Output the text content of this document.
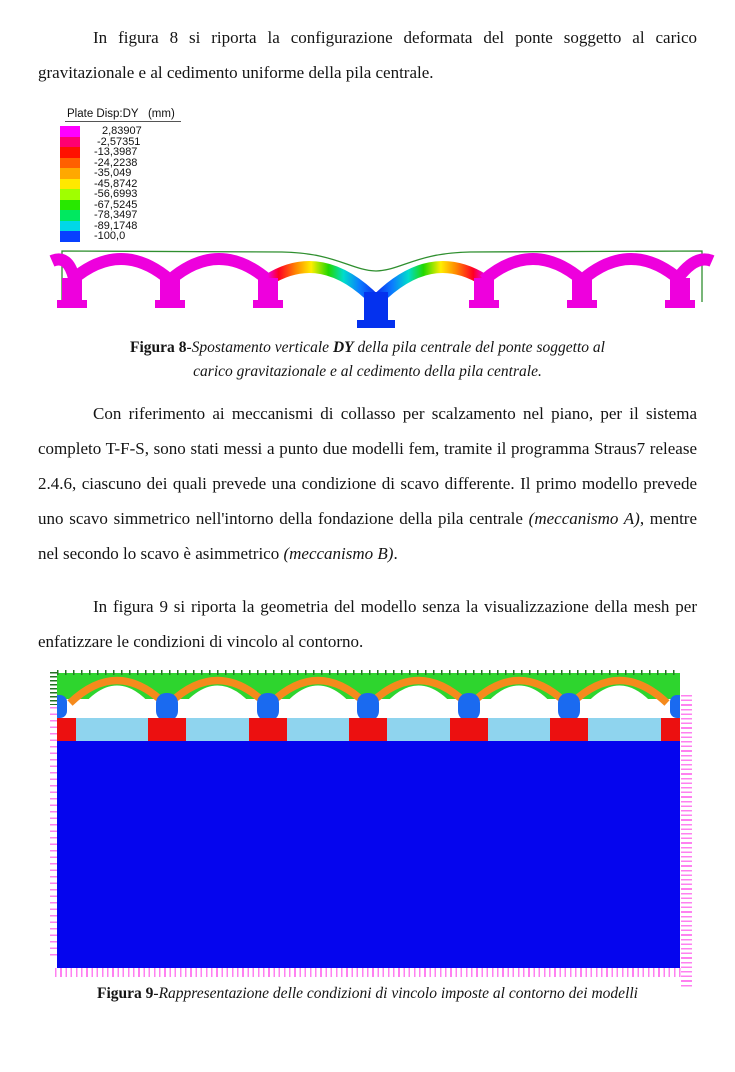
In figura 8 si riporta la configurazione deformata del ponte soggetto al carico gravitazionale e al cedimento uniforme della pila centrale.

Plate Disp:DY   (mm)
2,83907
-2,57351
-13,3987
-24,2238
-35,049
-45,8742
-56,6993
-67,5245
-78,3497
-89,1748
-100,0

Figura 8-Spostamento verticale DY della pila centrale del ponte soggetto al carico gravitazionale e al cedimento della pila centrale.

Con riferimento ai meccanismi di collasso per scalzamento nel piano, per il sistema completo T-F-S, sono stati messi a punto due modelli fem, tramite il programma Straus7 release 2.4.6, ciascuno dei quali prevede una condizione di scavo differente. Il primo modello prevede uno scavo simmetrico nell'intorno della fondazione della pila centrale (meccanismo A), mentre nel secondo lo scavo è asimmetrico (meccanismo B).

In figura 9 si riporta la geometria del modello senza la visualizzazione della mesh per enfatizzare le condizioni di vincolo al contorno.

Figura 9-Rappresentazione delle condizioni di vincolo imposte al contorno dei modelli
